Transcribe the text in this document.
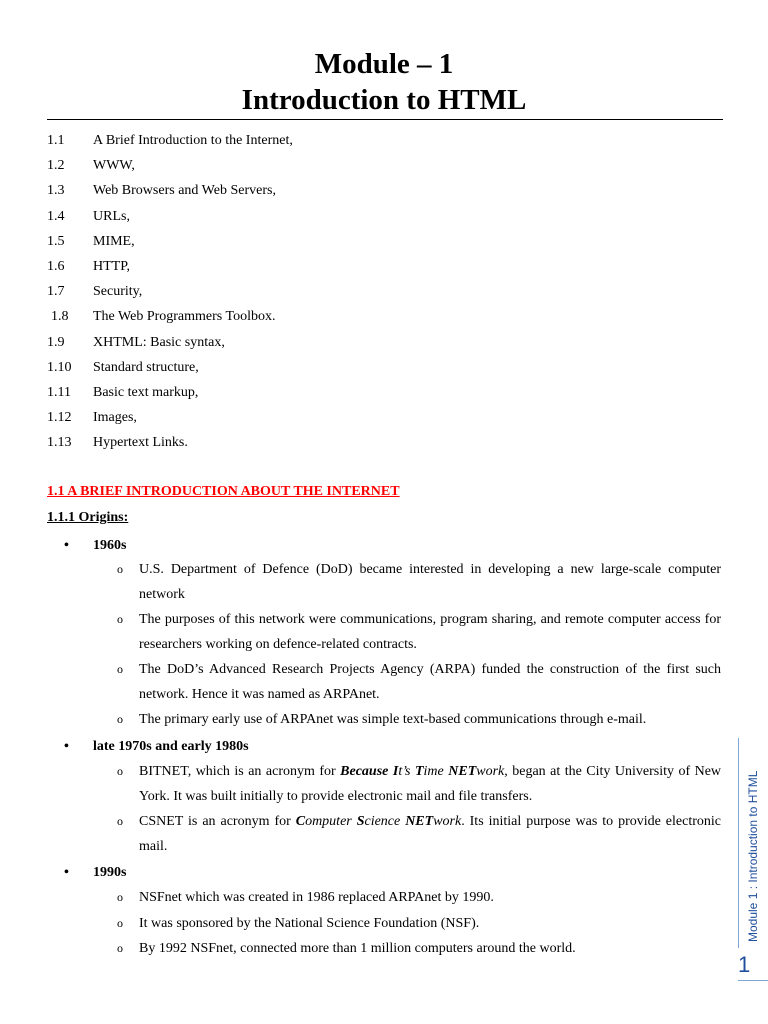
Module – 1
Introduction to HTML
1.1 A Brief Introduction to the Internet,
1.2 WWW,
1.3 Web Browsers and Web Servers,
1.4 URLs,
1.5 MIME,
1.6 HTTP,
1.7 Security,
1.8 The Web Programmers Toolbox.
1.9 XHTML: Basic syntax,
1.10 Standard structure,
1.11 Basic text markup,
1.12 Images,
1.13 Hypertext Links.
1.1 A BRIEF INTRODUCTION ABOUT THE INTERNET
1.1.1 Origins:
• 1960s
o U.S. Department of Defence (DoD) became interested in developing a new large-scale computer network
o The purposes of this network were communications, program sharing, and remote computer access for researchers working on defence-related contracts.
o The DoD’s Advanced Research Projects Agency (ARPA) funded the construction of the first such network. Hence it was named as ARPAnet.
o The primary early use of ARPAnet was simple text-based communications through e-mail.
• late 1970s and early 1980s
o BITNET, which is an acronym for Because It’s Time NETwork, began at the City University of New York. It was built initially to provide electronic mail and file transfers.
o CSNET is an acronym for Computer Science NETwork. Its initial purpose was to provide electronic mail.
• 1990s
o NSFnet which was created in 1986 replaced ARPAnet by 1990.
o It was sponsored by the National Science Foundation (NSF).
o By 1992 NSFnet, connected more than 1 million computers around the world.
Module 1 : Introduction to HTML
1
